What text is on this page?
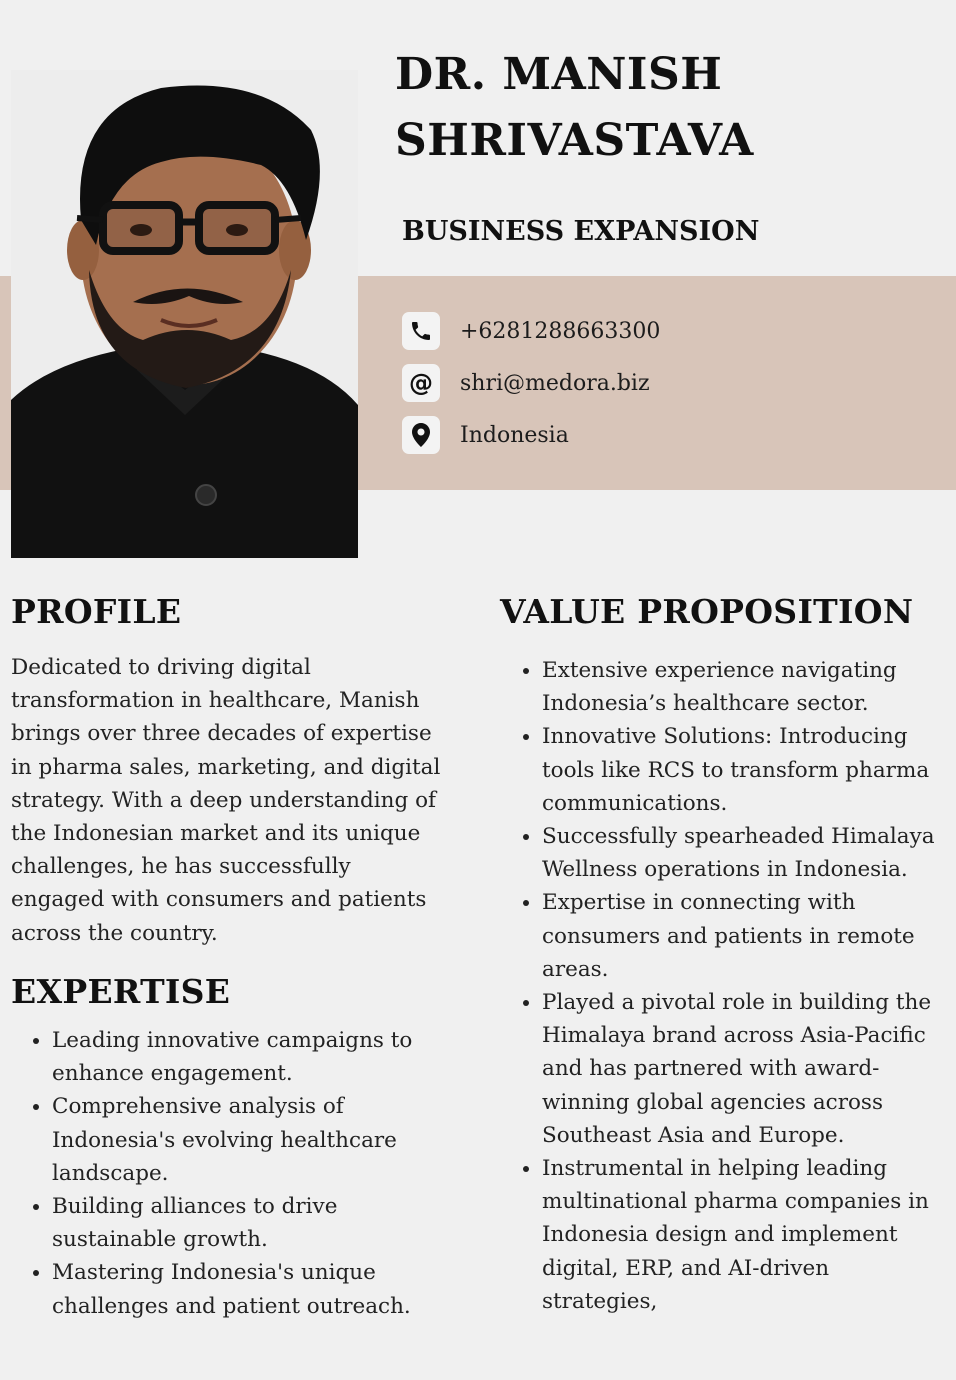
DR. MANISH
SHRIVASTAVA
BUSINESS EXPANSION
+6281288663300
@ shri@medora.biz
Indonesia
PROFILE

Dedicated to driving digital transformation in healthcare, Manish brings over three decades of expertise in pharma sales, marketing, and digital strategy. With a deep understanding of the Indonesian market and its unique challenges, he has successfully engaged with consumers and patients across the country.

EXPERTISE
• Leading innovative campaigns to enhance engagement.
• Comprehensive analysis of Indonesia's evolving healthcare landscape.
• Building alliances to drive sustainable growth.
• Mastering Indonesia's unique challenges and patient outreach.
VALUE PROPOSITION
• Extensive experience navigating Indonesia’s healthcare sector.
• Innovative Solutions: Introducing tools like RCS to transform pharma communications.
• Successfully spearheaded Himalaya Wellness operations in Indonesia.
• Expertise in connecting with consumers and patients in remote areas.
• Played a pivotal role in building the Himalaya brand across Asia-Pacific and has partnered with award-winning global agencies across Southeast Asia and Europe.
• Instrumental in helping leading multinational pharma companies in Indonesia design and implement digital, ERP, and AI-driven strategies,
